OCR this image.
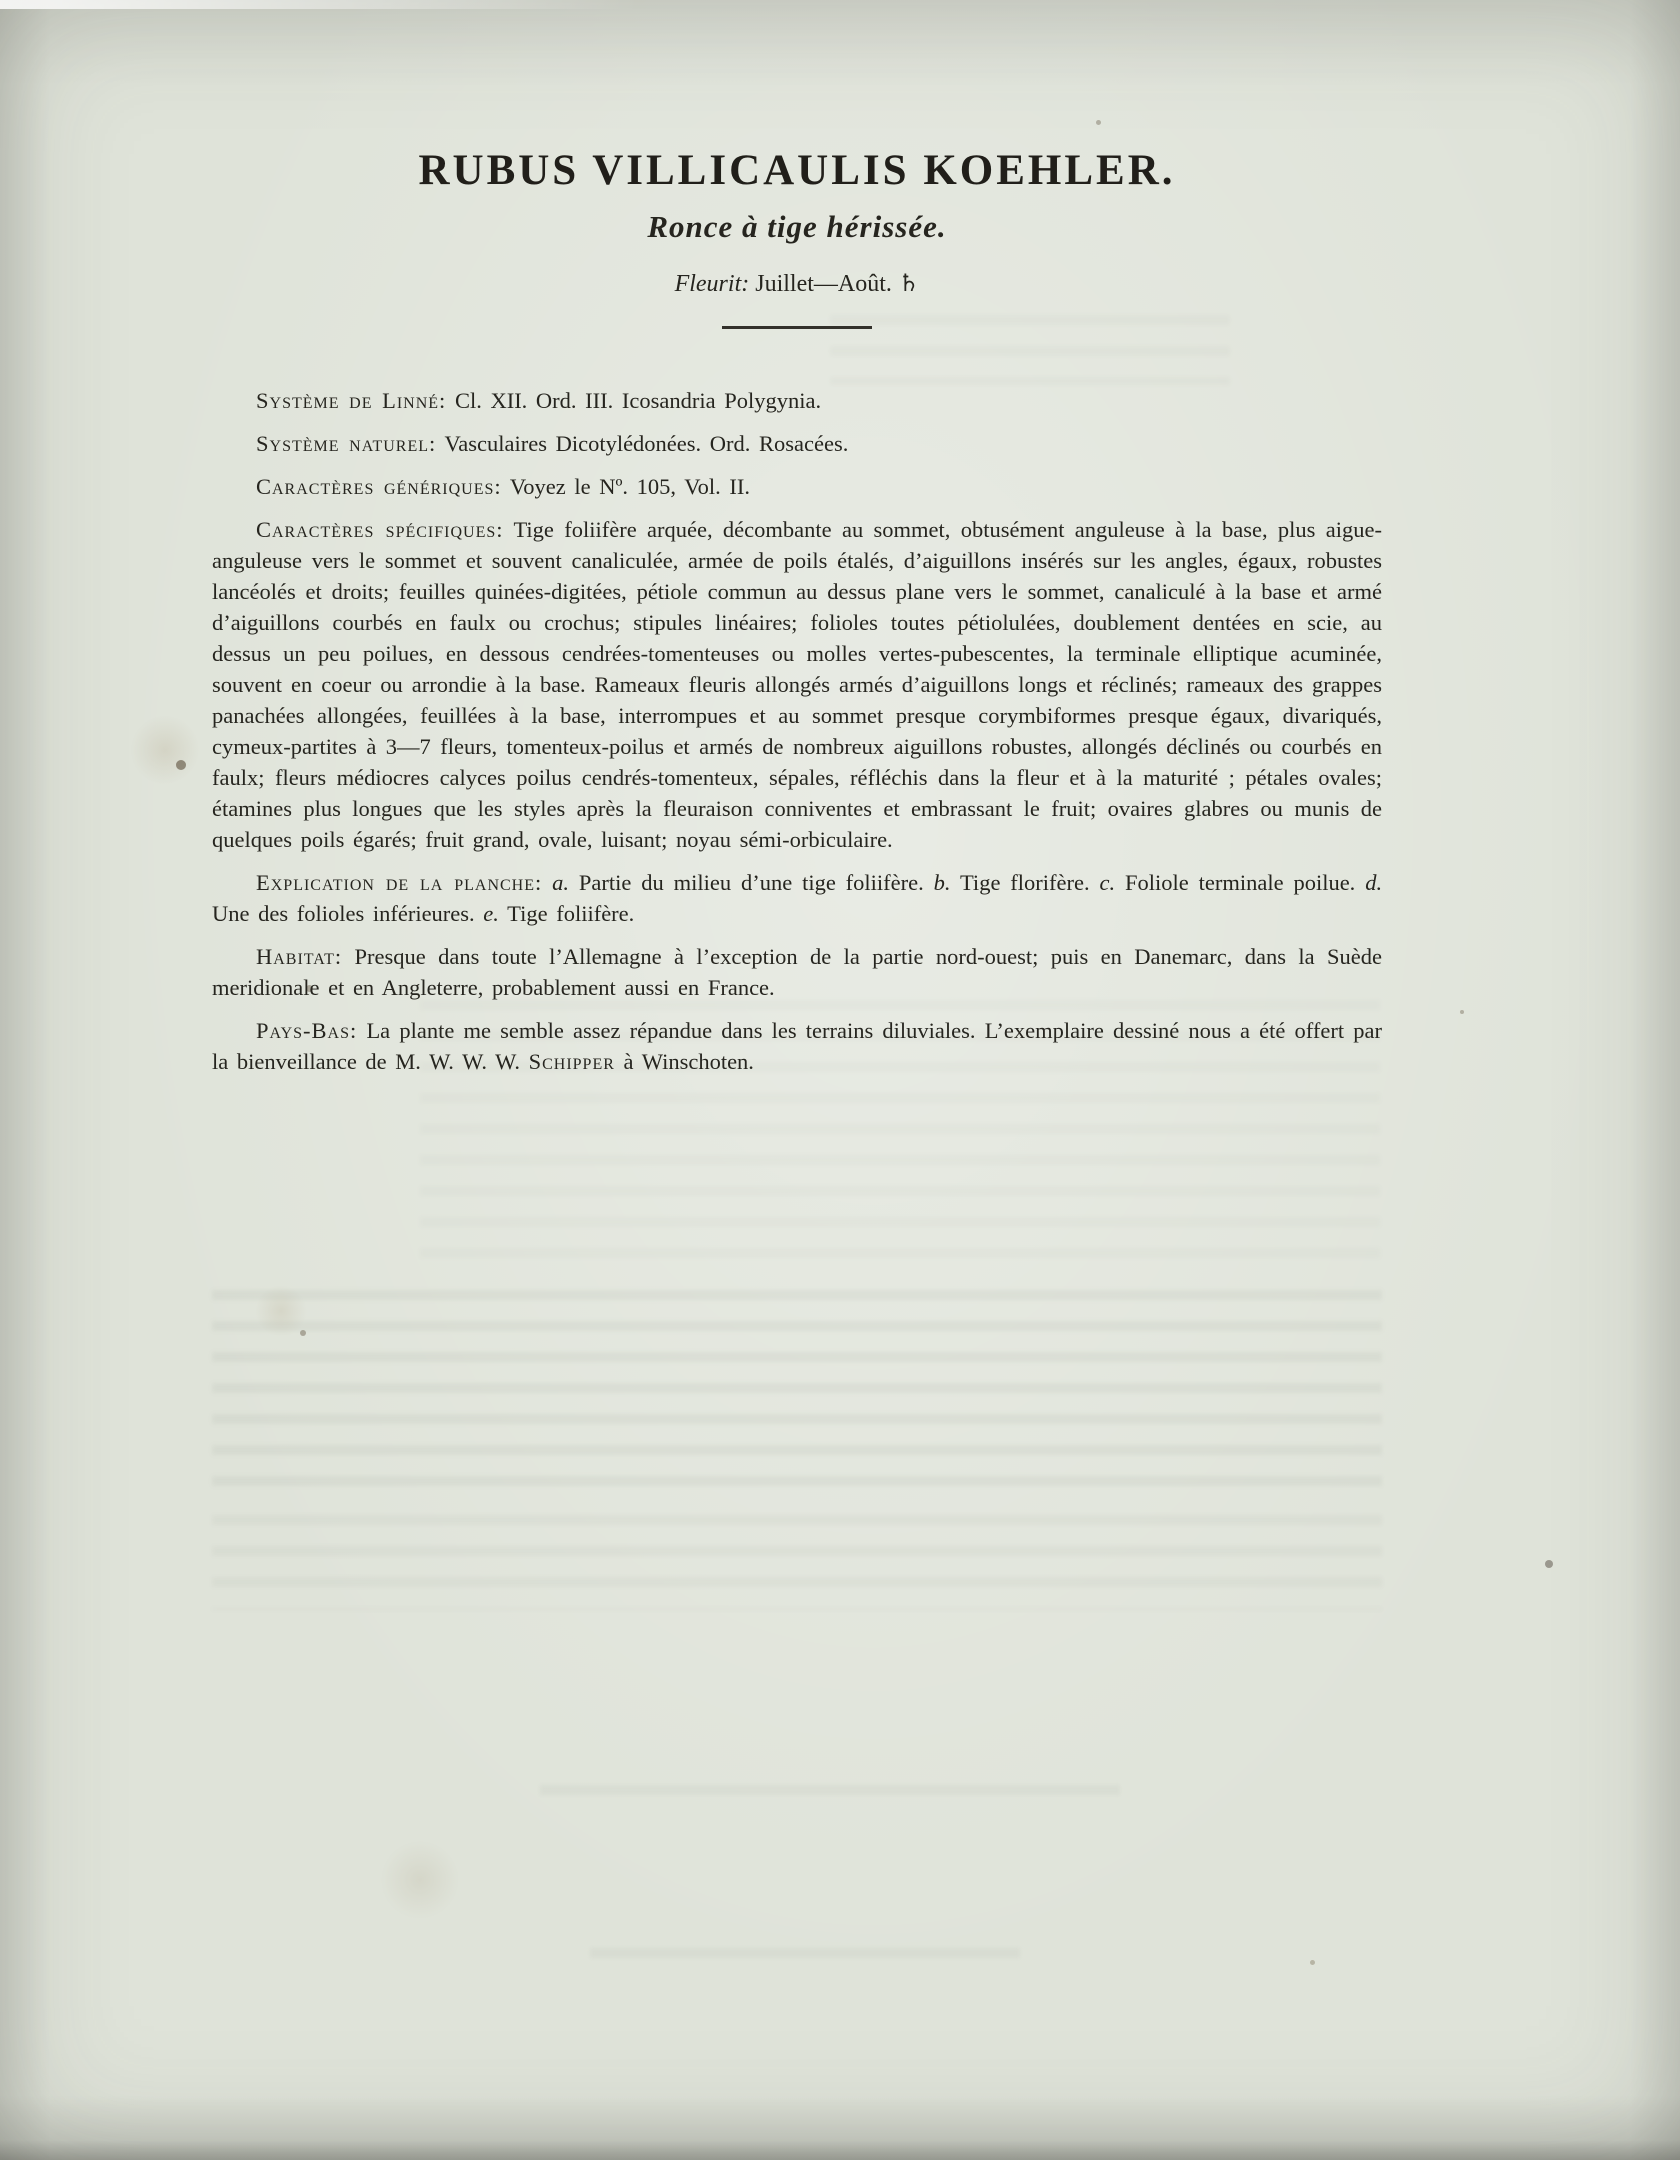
RUBUS VILLICAULIS KOEHLER.
Ronce à tige hérissée.

Fleurit: Juillet—Août. ♄

Système de Linné: Cl. XII. Ord. III. Icosandria Polygynia.

Système naturel: Vasculaires Dicotylédonées. Ord. Rosacées.

Caractères génériques: Voyez le Nº. 105, Vol. II.

Caractères spécifiques: Tige foliifère arquée, décombante au sommet, obtusément anguleuse à la base, plus aigue-anguleuse vers le sommet et souvent canaliculée, armée de poils étalés, d’aiguillons insérés sur les angles, égaux, robustes lancéolés et droits; feuilles quinées-digitées, pétiole commun au dessus plane vers le sommet, canaliculé à la base et armé d’aiguillons courbés en faulx ou crochus; stipules linéaires; folioles toutes pétiolulées, doublement dentées en scie, au dessus un peu poilues, en dessous cendrées-tomenteuses ou molles vertes-pubescentes, la terminale elliptique acuminée, souvent en coeur ou arrondie à la base. Rameaux fleuris allongés armés d’aiguillons longs et réclinés; rameaux des grappes panachées allongées, feuillées à la base, interrompues et au sommet presque corymbiformes presque égaux, divariqués, cymeux-partites à 3—7 fleurs, tomenteux-poilus et armés de nombreux aiguillons robustes, allongés déclinés ou courbés en faulx; fleurs médiocres calyces poilus cendrés-tomenteux, sépales, réfléchis dans la fleur et à la maturité ; pétales ovales; étamines plus longues que les styles après la fleuraison conniventes et embrassant le fruit; ovaires glabres ou munis de quelques poils égarés; fruit grand, ovale, luisant; noyau sémi-orbiculaire.

Explication de la planche: a. Partie du milieu d’une tige foliifère. b. Tige florifère. c. Foliole terminale poilue. d. Une des folioles inférieures. e. Tige foliifère.

Habitat: Presque dans toute l’Allemagne à l’exception de la partie nord-ouest; puis en Danemarc, dans la Suède meridionale et en Angleterre, probablement aussi en France.

Pays-Bas: La plante me semble assez répandue dans les terrains diluviales. L’exemplaire dessiné nous a été offert par la bienveillance de M. W. W. W. Schipper à Winschoten.
